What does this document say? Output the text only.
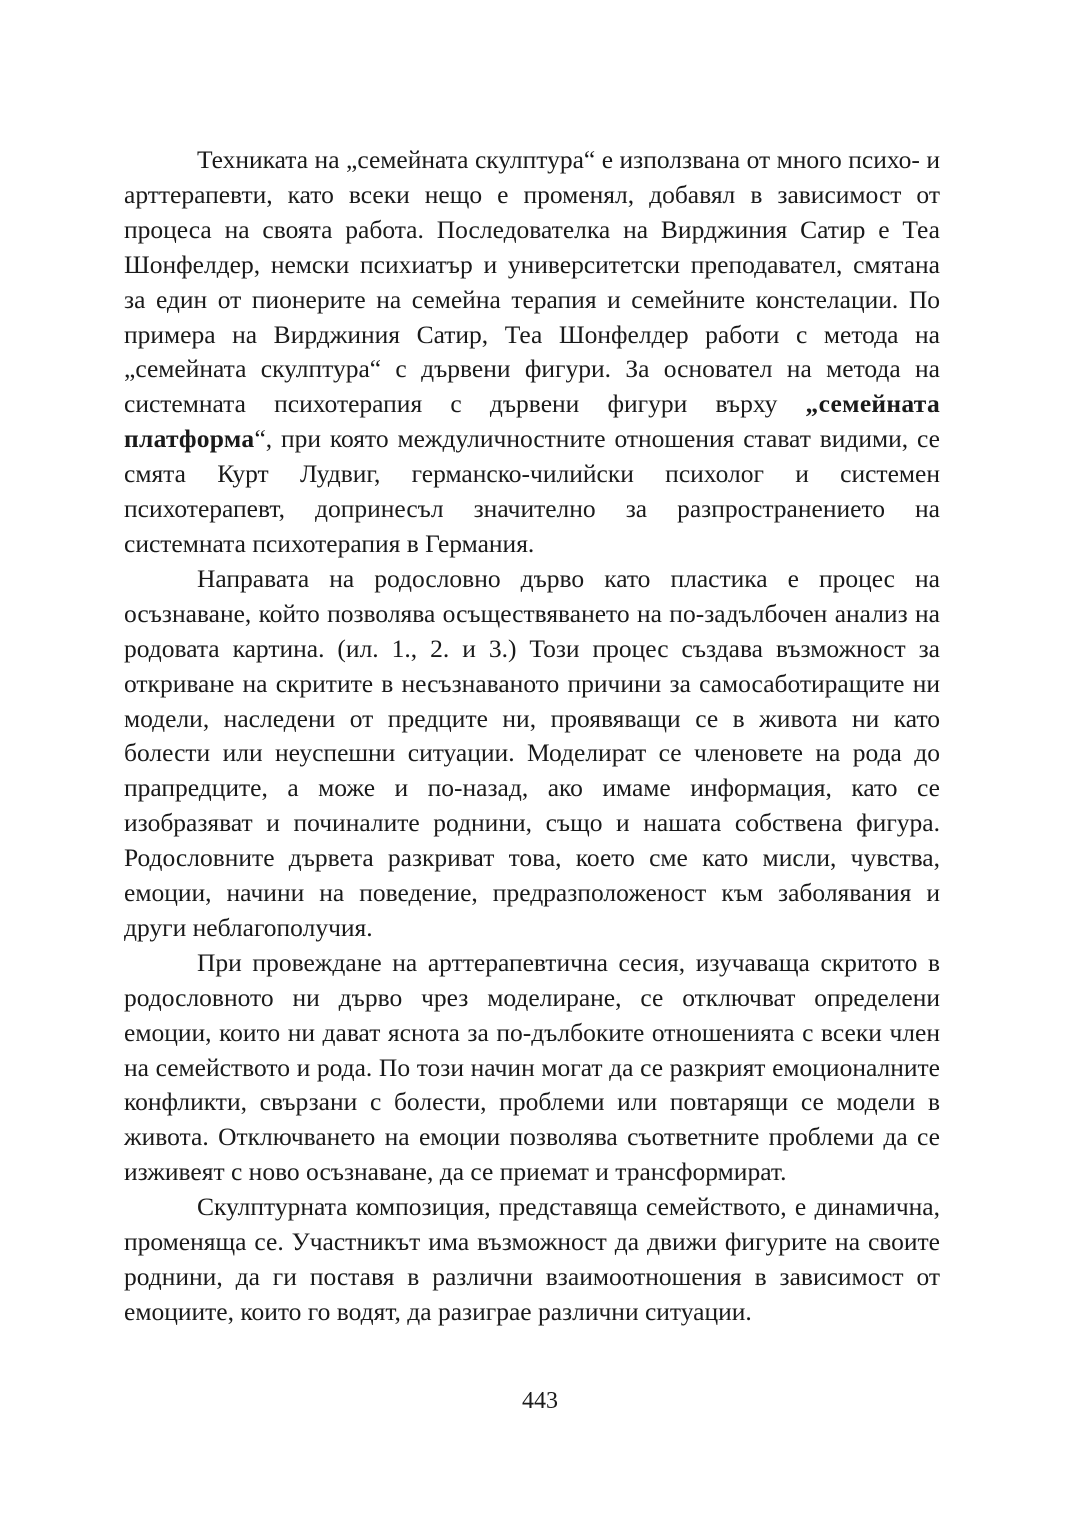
Техниката на „семейната скулптура“ е използвана от много психо- и арттерапевти, като всеки нещо е променял, добавял в зависимост от процеса на своята работа. Последователка на Вирджиния Сатир е Теа Шонфелдер, немски психиатър и университетски преподавател, смятана за един от пионерите на семейна терапия и семейните констелации. По примера на Вирджиния Сатир, Теа Шонфелдер работи с метода на „семейната скулптура“ с дървени фигури. За основател на метода на системната психотерапия с дървени фигури върху „семейната платформа“, при която междуличностните отношения стават видими, се смята Курт Лудвиг, германско-чилийски психолог и системен психотерапевт, допринесъл значително за разпространението на системната психотерапия в Германия.

Направата на родословно дърво като пластика е процес на осъзнаване, който позволява осъществяването на по-задълбочен анализ на родовата картина. (ил. 1., 2. и 3.) Този процес създава възможност за откриване на скритите в несъзнаваното причини за самосаботиращите ни модели, наследени от предците ни, проявяващи се в живота ни като болести или неуспешни ситуации. Моделират се членовете на рода до прапредците, а може и по-назад, ако имаме информация, като се изобразяват и починалите роднини, също и нашата собствена фигура. Родословните дървета разкриват това, което сме като мисли, чувства, емоции, начини на поведение, предразположеност към заболявания и други неблагополучия.

При провеждане на арттерапевтична сесия, изучаваща скритото в родословното ни дърво чрез моделиране, се отключват определени емоции, които ни дават яснота за по-дълбоките отношенията с всеки член на семейството и рода. По този начин могат да се разкрият емоционалните конфликти, свързани с болести, проблеми или повтарящи се модели в живота. Отключването на емоции позволява съответните проблеми да се изживеят с ново осъзнаване, да се приемат и трансформират.

Скулптурната композиция, представяща семейството, е динамична, променяща се. Участникът има възможност да движи фигурите на своите роднини, да ги поставя в различни взаимоотношения в зависимост от емоциите, които го водят, да разиграе различни ситуации.

443
